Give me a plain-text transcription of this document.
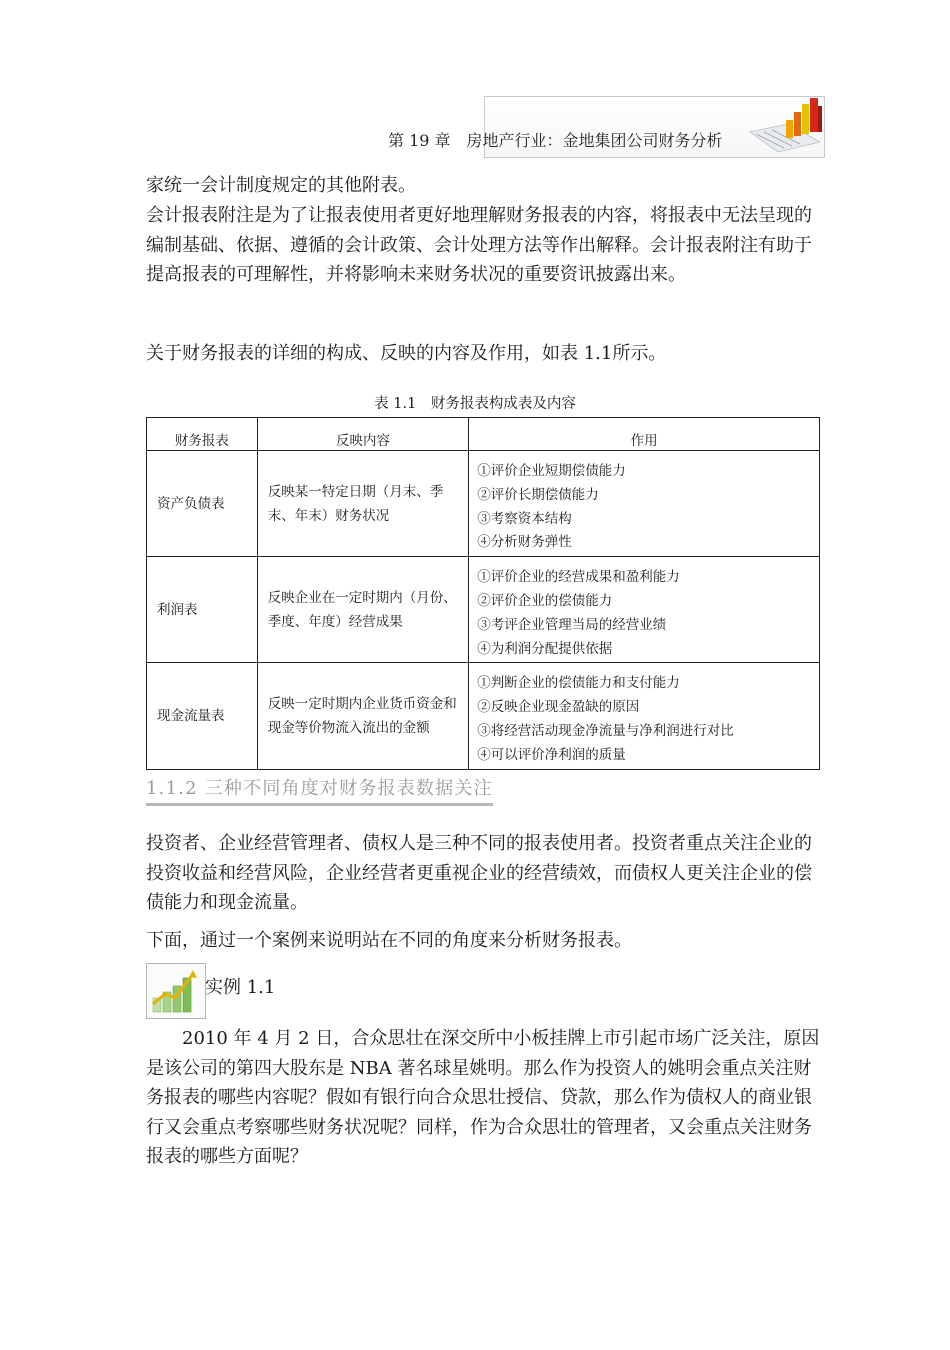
第 19 章　房地产行业：金地集团公司财务分析
家统一会计制度规定的其他附表。
会计报表附注是为了让报表使用者更好地理解财务报表的内容，将报表中无法呈现的编制基础、依据、遵循的会计政策、会计处理方法等作出解释。会计报表附注有助于提高报表的可理解性，并将影响未来财务状况的重要资讯披露出来。
关于财务报表的详细的构成、反映的内容及作用，如表 1.1所示。
表 1.1　财务报表构成表及内容
财务报表	反映内容	作用
资产负债表	反映某一特定日期（月末、季末、年末）财务状况	①评价企业短期偿债能力
②评价长期偿债能力
③考察资本结构
④分析财务弹性

利润表	反映企业在一定时期内（月份、季度、年度）经营成果	①评价企业的经营成果和盈利能力
②评价企业的偿债能力
③考评企业管理当局的经营业绩
④为利润分配提供依据

现金流量表	反映一定时期内企业货币资金和现金等价物流入流出的金额	①判断企业的偿债能力和支付能力
②反映企业现金盈缺的原因
③将经营活动现金净流量与净利润进行对比
④可以评价净利润的质量
1.1.2 三种不同角度对财务报表数据关注
投资者、企业经营管理者、债权人是三种不同的报表使用者。投资者重点关注企业的投资收益和经营风险，企业经营者更重视企业的经营绩效，而债权人更关注企业的偿债能力和现金流量。
下面，通过一个案例来说明站在不同的角度来分析财务报表。
实例 1.1
2010 年 4 月 2 日，合众思壮在深交所中小板挂牌上市引起市场广泛关注，原因是该公司的第四大股东是 NBA 著名球星姚明。那么作为投资人的姚明会重点关注财务报表的哪些内容呢？假如有银行向合众思壮授信、贷款，那么作为债权人的商业银行又会重点考察哪些财务状况呢？同样，作为合众思壮的管理者，又会重点关注财务报表的哪些方面呢？
